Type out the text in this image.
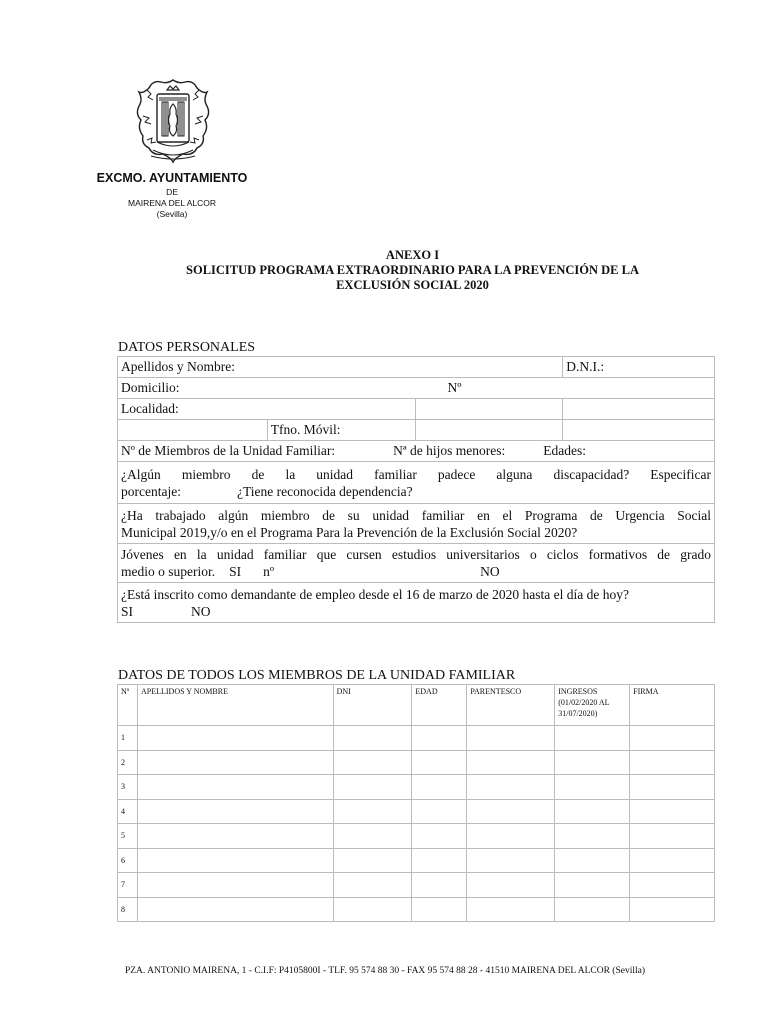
EXCMO. AYUNTAMIENTO
DE
MAIRENA DEL ALCOR
(Sevilla)
ANEXO I
SOLICITUD PROGRAMA EXTRAORDINARIO PARA LA PREVENCIÓN DE LA
EXCLUSIÓN SOCIAL 2020
DATOS PERSONALES
Apellidos y Nombre:			D.N.I.:
Domicilio: Nº			
Localidad:			
	Tfno. Móvil:		
Nº de Miembros de la Unidad Familiar: Nª de hijos menores: Edades:			

¿Algún miembro de la unidad familiar padece alguna discapacidad? Especificar
porcentaje: ¿Tiene reconocida dependencia?			

¿Ha trabajado algún miembro de su unidad familiar en el Programa de Urgencia Social
Municipal 2019,y/o en el Programa Para la Prevención de la Exclusión Social 2020?			

Jóvenes en la unidad familiar que cursen estudios universitarios o ciclos formativos de grado
medio o superior. SI nº NO			

¿Está inscrito como demandante de empleo desde el 16 de marzo de 2020 hasta el día de hoy?
SI NO			
DATOS DE TODOS LOS MIEMBROS DE LA UNIDAD FAMILIAR
Nº	APELLIDOS Y NOMBRE	DNI	EDAD	PARENTESCO	INGRESOS
(01/02/2020 AL
31/07/2020)	FIRMA
1						
2						
3						
4						
5						
6						
7						
8						
PZA. ANTONIO MAIRENA, 1 - C.I.F: P4105800I - TLF. 95 574 88 30 - FAX 95 574 88 28 - 41510 MAIRENA DEL ALCOR (Sevilla)
